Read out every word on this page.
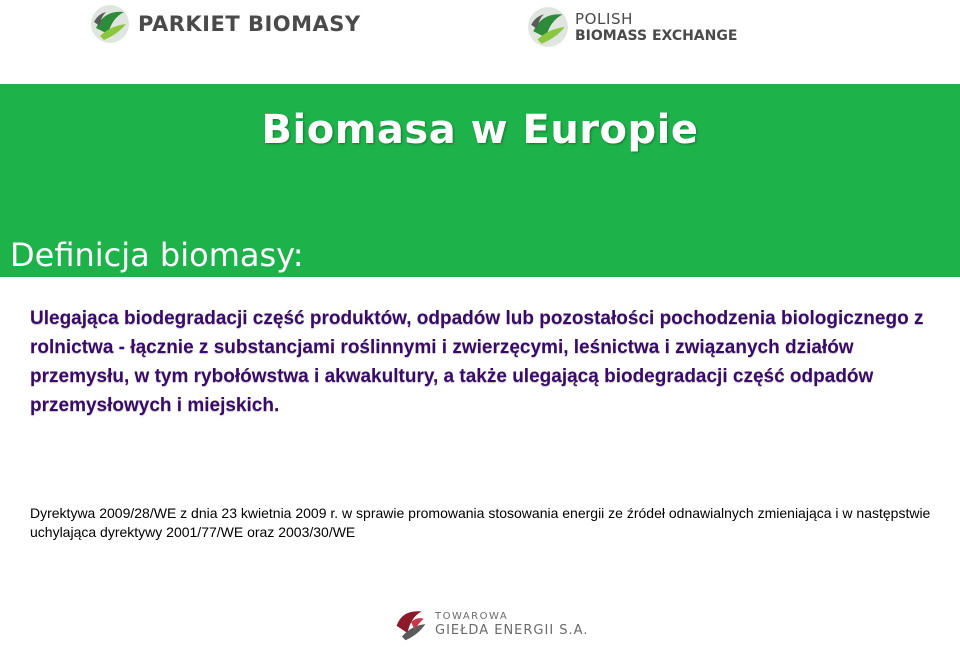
PARKIET BIOMASY	POLISH
BIOMASS EXCHANGE
Biomasa w Europie
Definicja biomasy:
Ulegająca biodegradacji część produktów, odpadów lub pozostałości pochodzenia biologicznego z rolnictwa - łącznie z substancjami roślinnymi i zwierzęcymi, leśnictwa i związanych działów przemysłu, w tym rybołówstwa i akwakultury, a także ulegającą biodegradacji część odpadów przemysłowych i miejskich.
Dyrektywa 2009/28/WE z dnia 23 kwietnia 2009 r. w sprawie promowania stosowania energii ze źródeł odnawialnych zmieniająca i w następstwie uchylająca dyrektywy 2001/77/WE oraz 2003/30/WE
TOWAROWA
GIEŁDA ENERGII S.A.
